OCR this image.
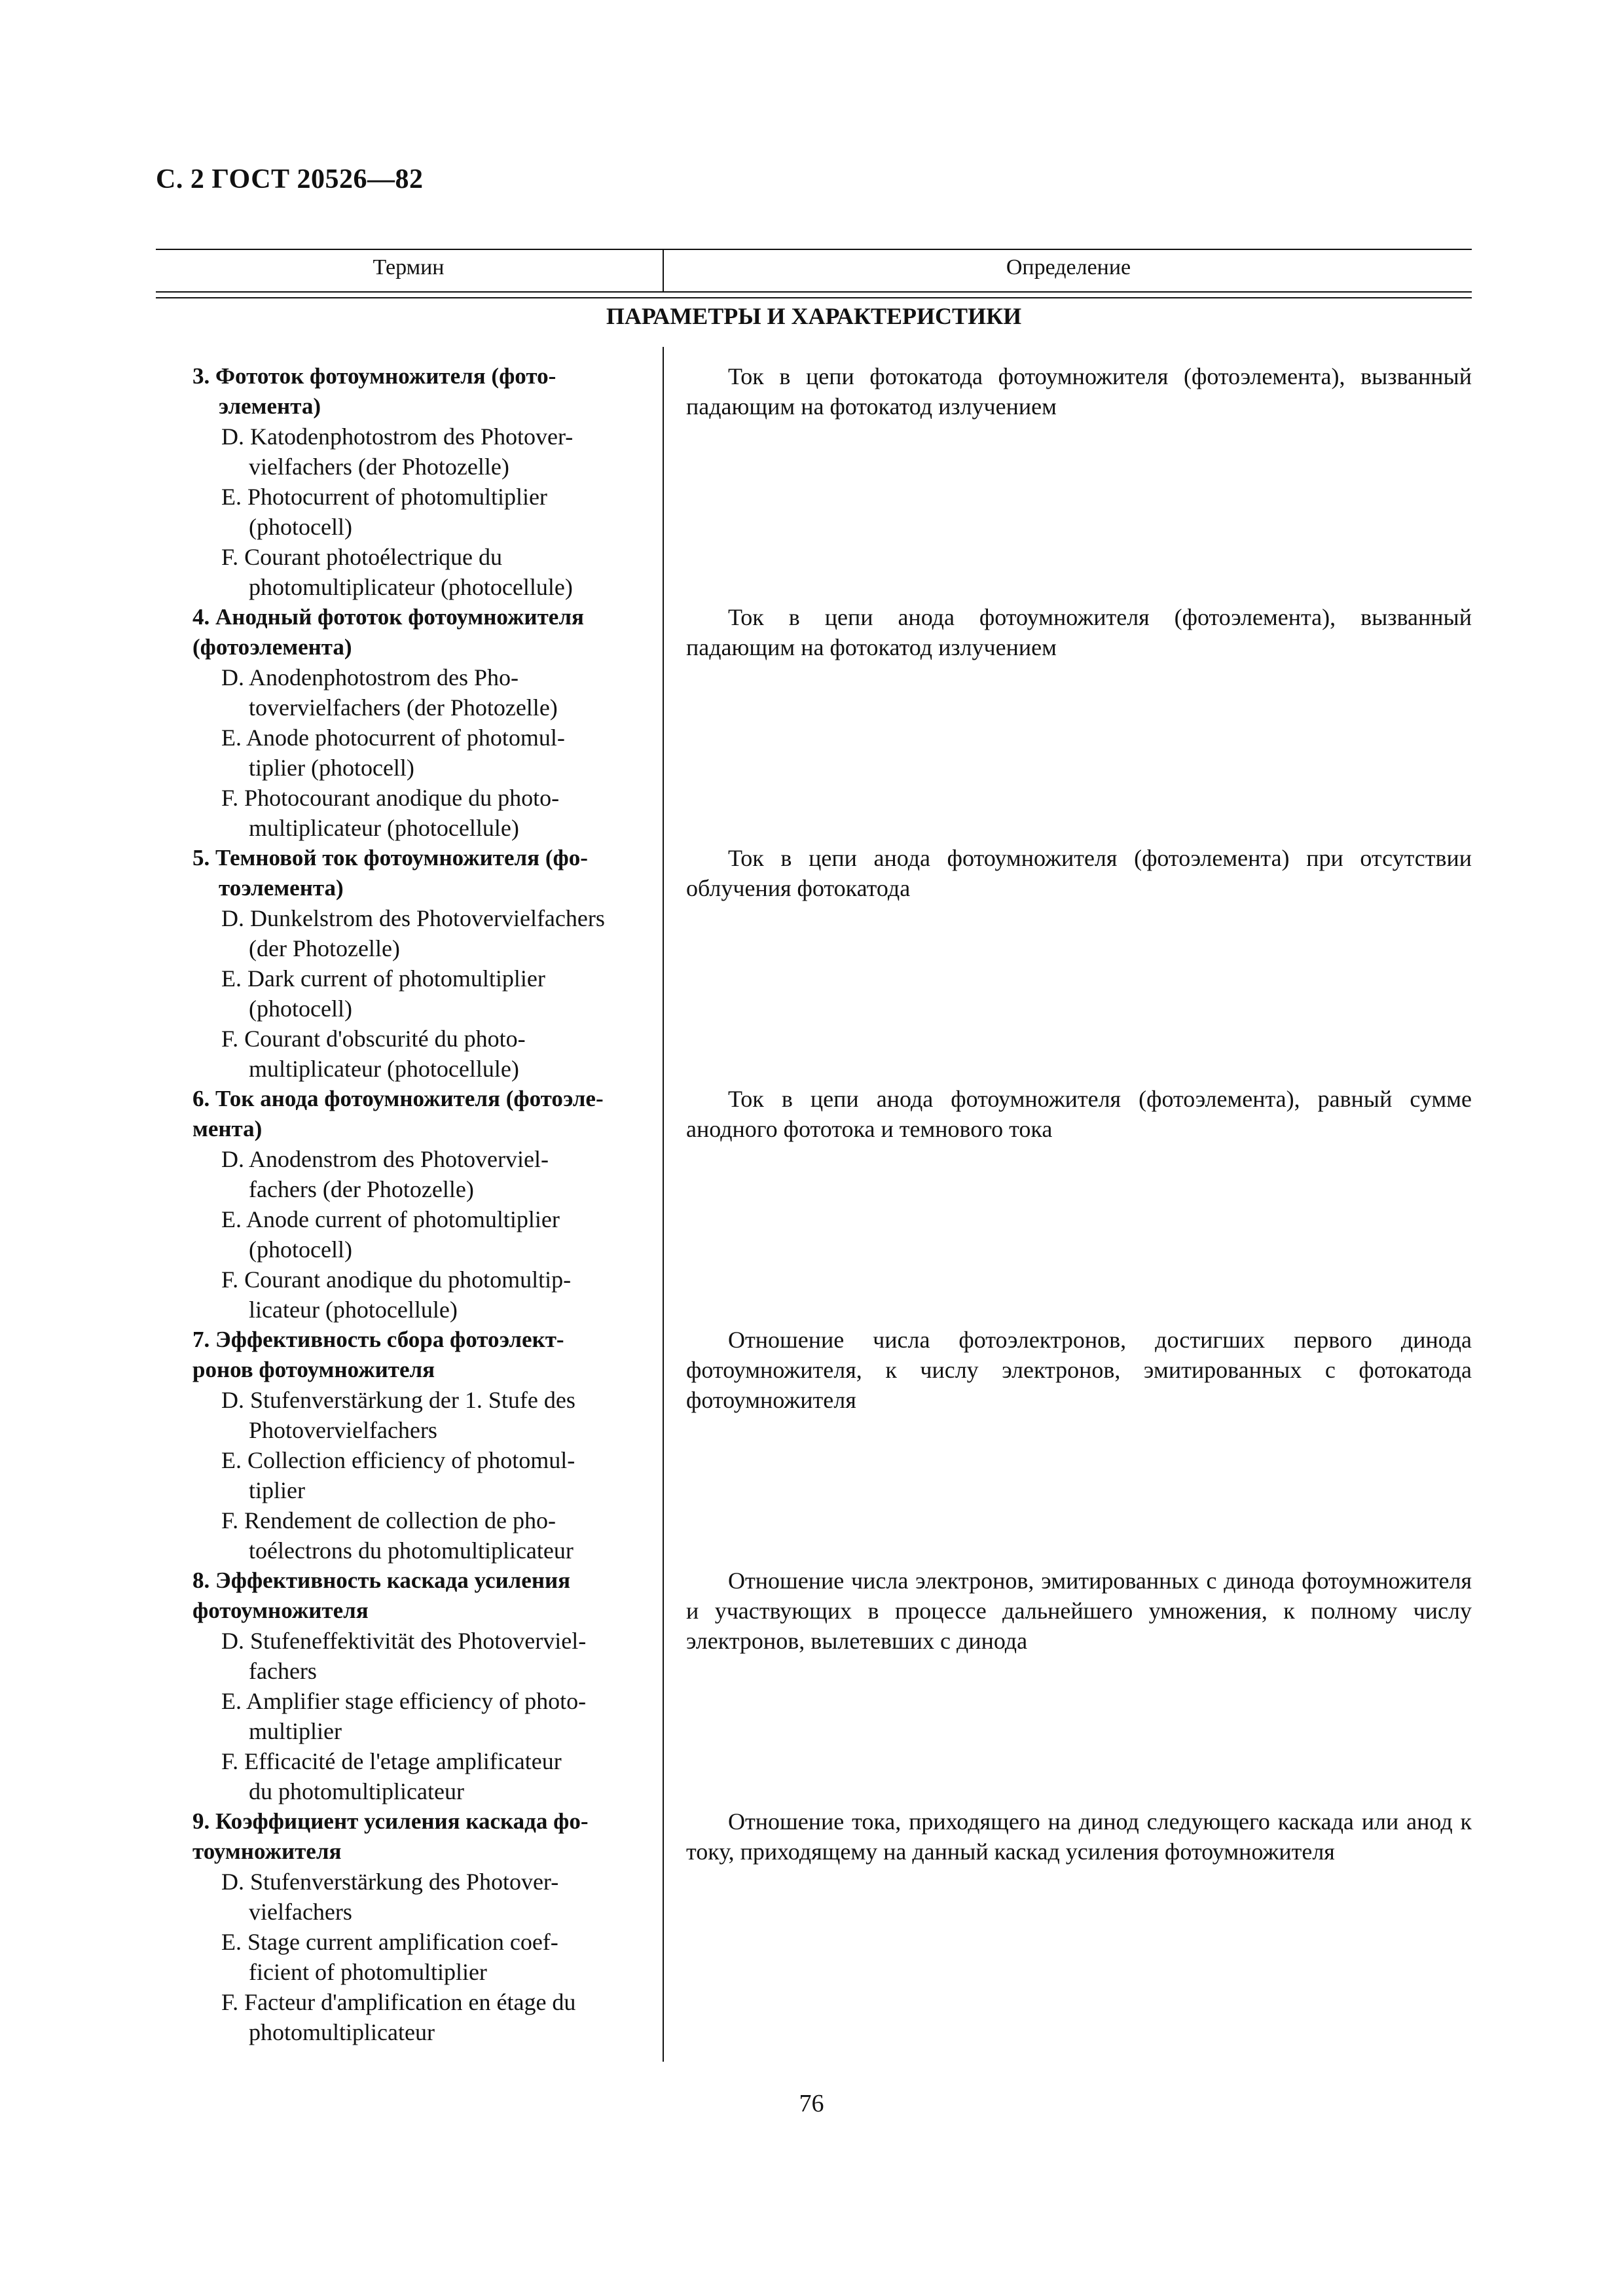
С. 2 ГОСТ 20526—82
Термин	Определение
ПАРАМЕТРЫ И ХАРАКТЕРИСТИКИ
3. Фототок фотоумножителя (фото-
элемента)
D. Katodenphotostrom des Photover-
vielfachers (der Photozelle)
E. Photocurrent of photomultiplier
(photocell)
F. Courant photoélectrique du
photomultiplicateur (photocellule)
Ток в цепи фотокатода фотоумножителя (фотоэлемента), вызванный падающим на фотокатод излучением
4. Анодный фототок фотоумножителя
(фотоэлемента)
D. Anodenphotostrom des Pho-
tovervielfachers (der Photozelle)
E. Anode photocurrent of photomul-
tiplier (photocell)
F. Photocourant anodique du photo-
multiplicateur (photocellule)
Ток в цепи анода фотоумножителя (фотоэлемента), вызванный падающим на фотокатод излучением
5. Темновой ток фотоумножителя (фо-
тоэлемента)
D. Dunkelstrom des Photovervielfachers
(der Photozelle)
E. Dark current of photomultiplier
(photocell)
F. Courant d'obscurité du photo-
multiplicateur (photocellule)
Ток в цепи анода фотоумножителя (фотоэлемента) при отсутствии облучения фотокатода
6. Ток анода фотоумножителя (фотоэле-
мента)
D. Anodenstrom des Photoverviel-
fachers (der Photozelle)
E. Anode current of photomultiplier
(photocell)
F. Courant anodique du photomultip-
licateur (photocellule)
Ток в цепи анода фотоумножителя (фотоэлемента), равный сумме анодного фототока и темнового тока
7. Эффективность сбора фотоэлект-
ронов фотоумножителя
D. Stufenverstärkung der 1. Stufe des
Photovervielfachers
E. Collection efficiency of photomul-
tiplier
F. Rendement de collection de pho-
toélectrons du photomultiplicateur
Отношение числа фотоэлектронов, достигших первого динода фотоумножителя, к числу электронов, эмитированных с фотокатода фотоумножителя
8. Эффективность каскада усиления
фотоумножителя
D. Stufeneffektivität des Photoverviel-
fachers
E. Amplifier stage efficiency of photo-
multiplier
F. Efficacité de l'etage amplificateur
du photomultiplicateur
Отношение числа электронов, эмитированных с динода фотоумножителя и участвующих в процессе дальнейшего умножения, к полному числу электронов, вылетевших с динода
9. Коэффициент усиления каскада фо-
тоумножителя
D. Stufenverstärkung des Photover-
vielfachers
E. Stage current amplification coef-
ficient of photomultiplier
F. Facteur d'amplification en étage du
photomultiplicateur
Отношение тока, приходящего на динод следующего каскада или анод к току, приходящему на данный каскад усиления фотоумножителя
76
